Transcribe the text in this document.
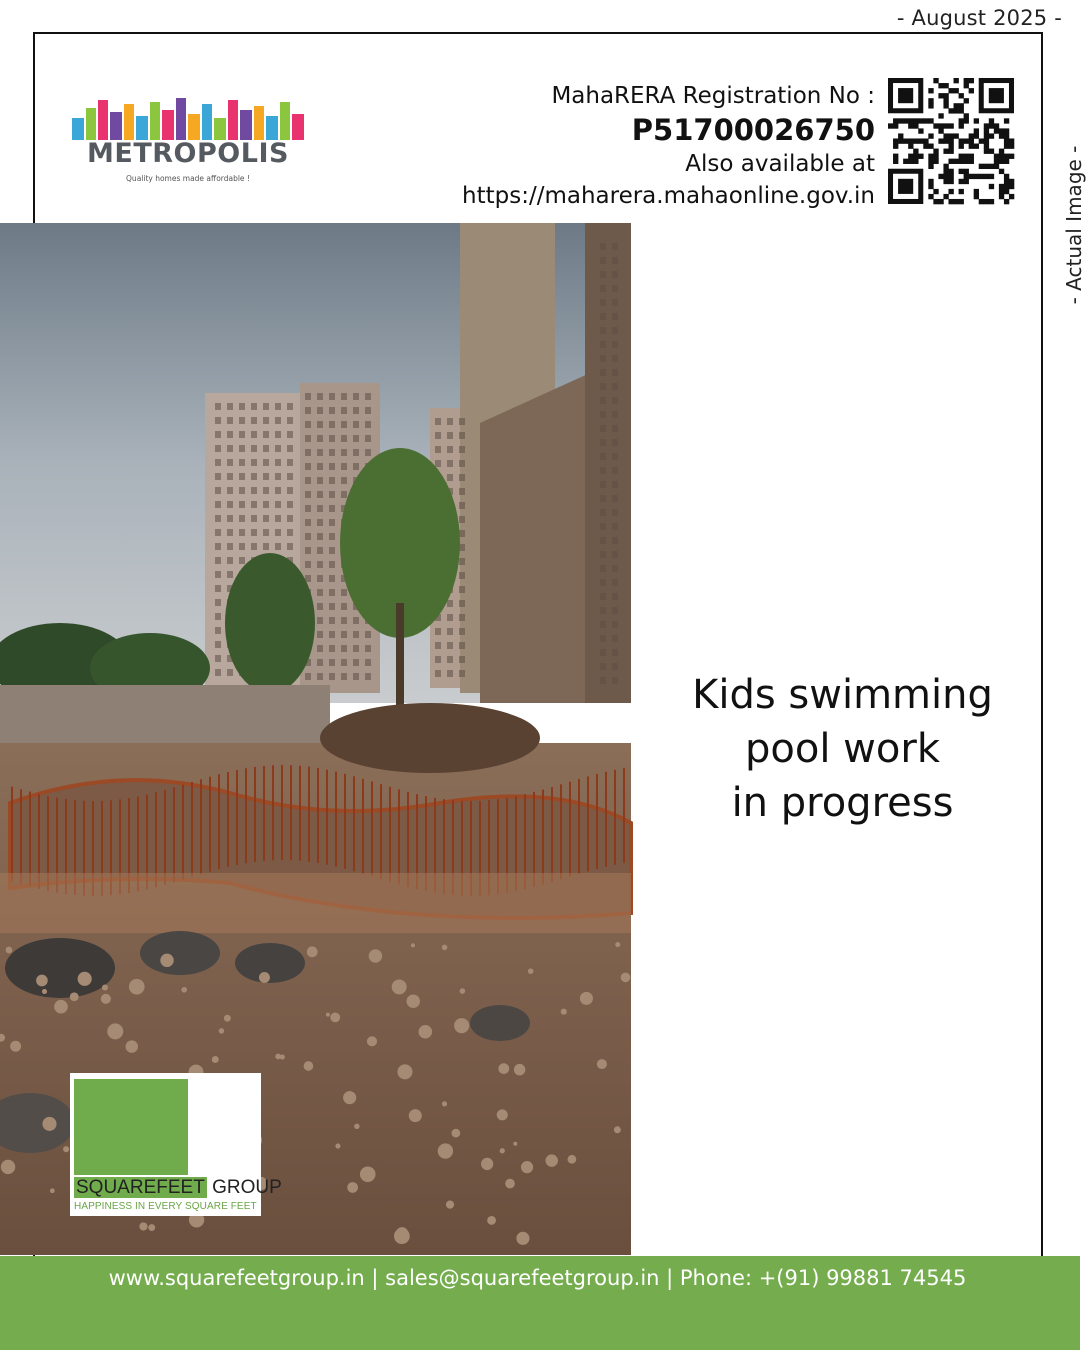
- August 2025 -
- Actual Image -
METROPOLIS
Quality homes made affordable !
MahaRERA Registration No :
P51700026750
Also available at
https://maharera.mahaonline.gov.in
Kids swimming
pool work
in progress
SQUAREFEET GROUP
HAPPINESS IN EVERY SQUARE FEET
www.squarefeetgroup.in | sales@squarefeetgroup.in | Phone: +(91) 99881 74545
